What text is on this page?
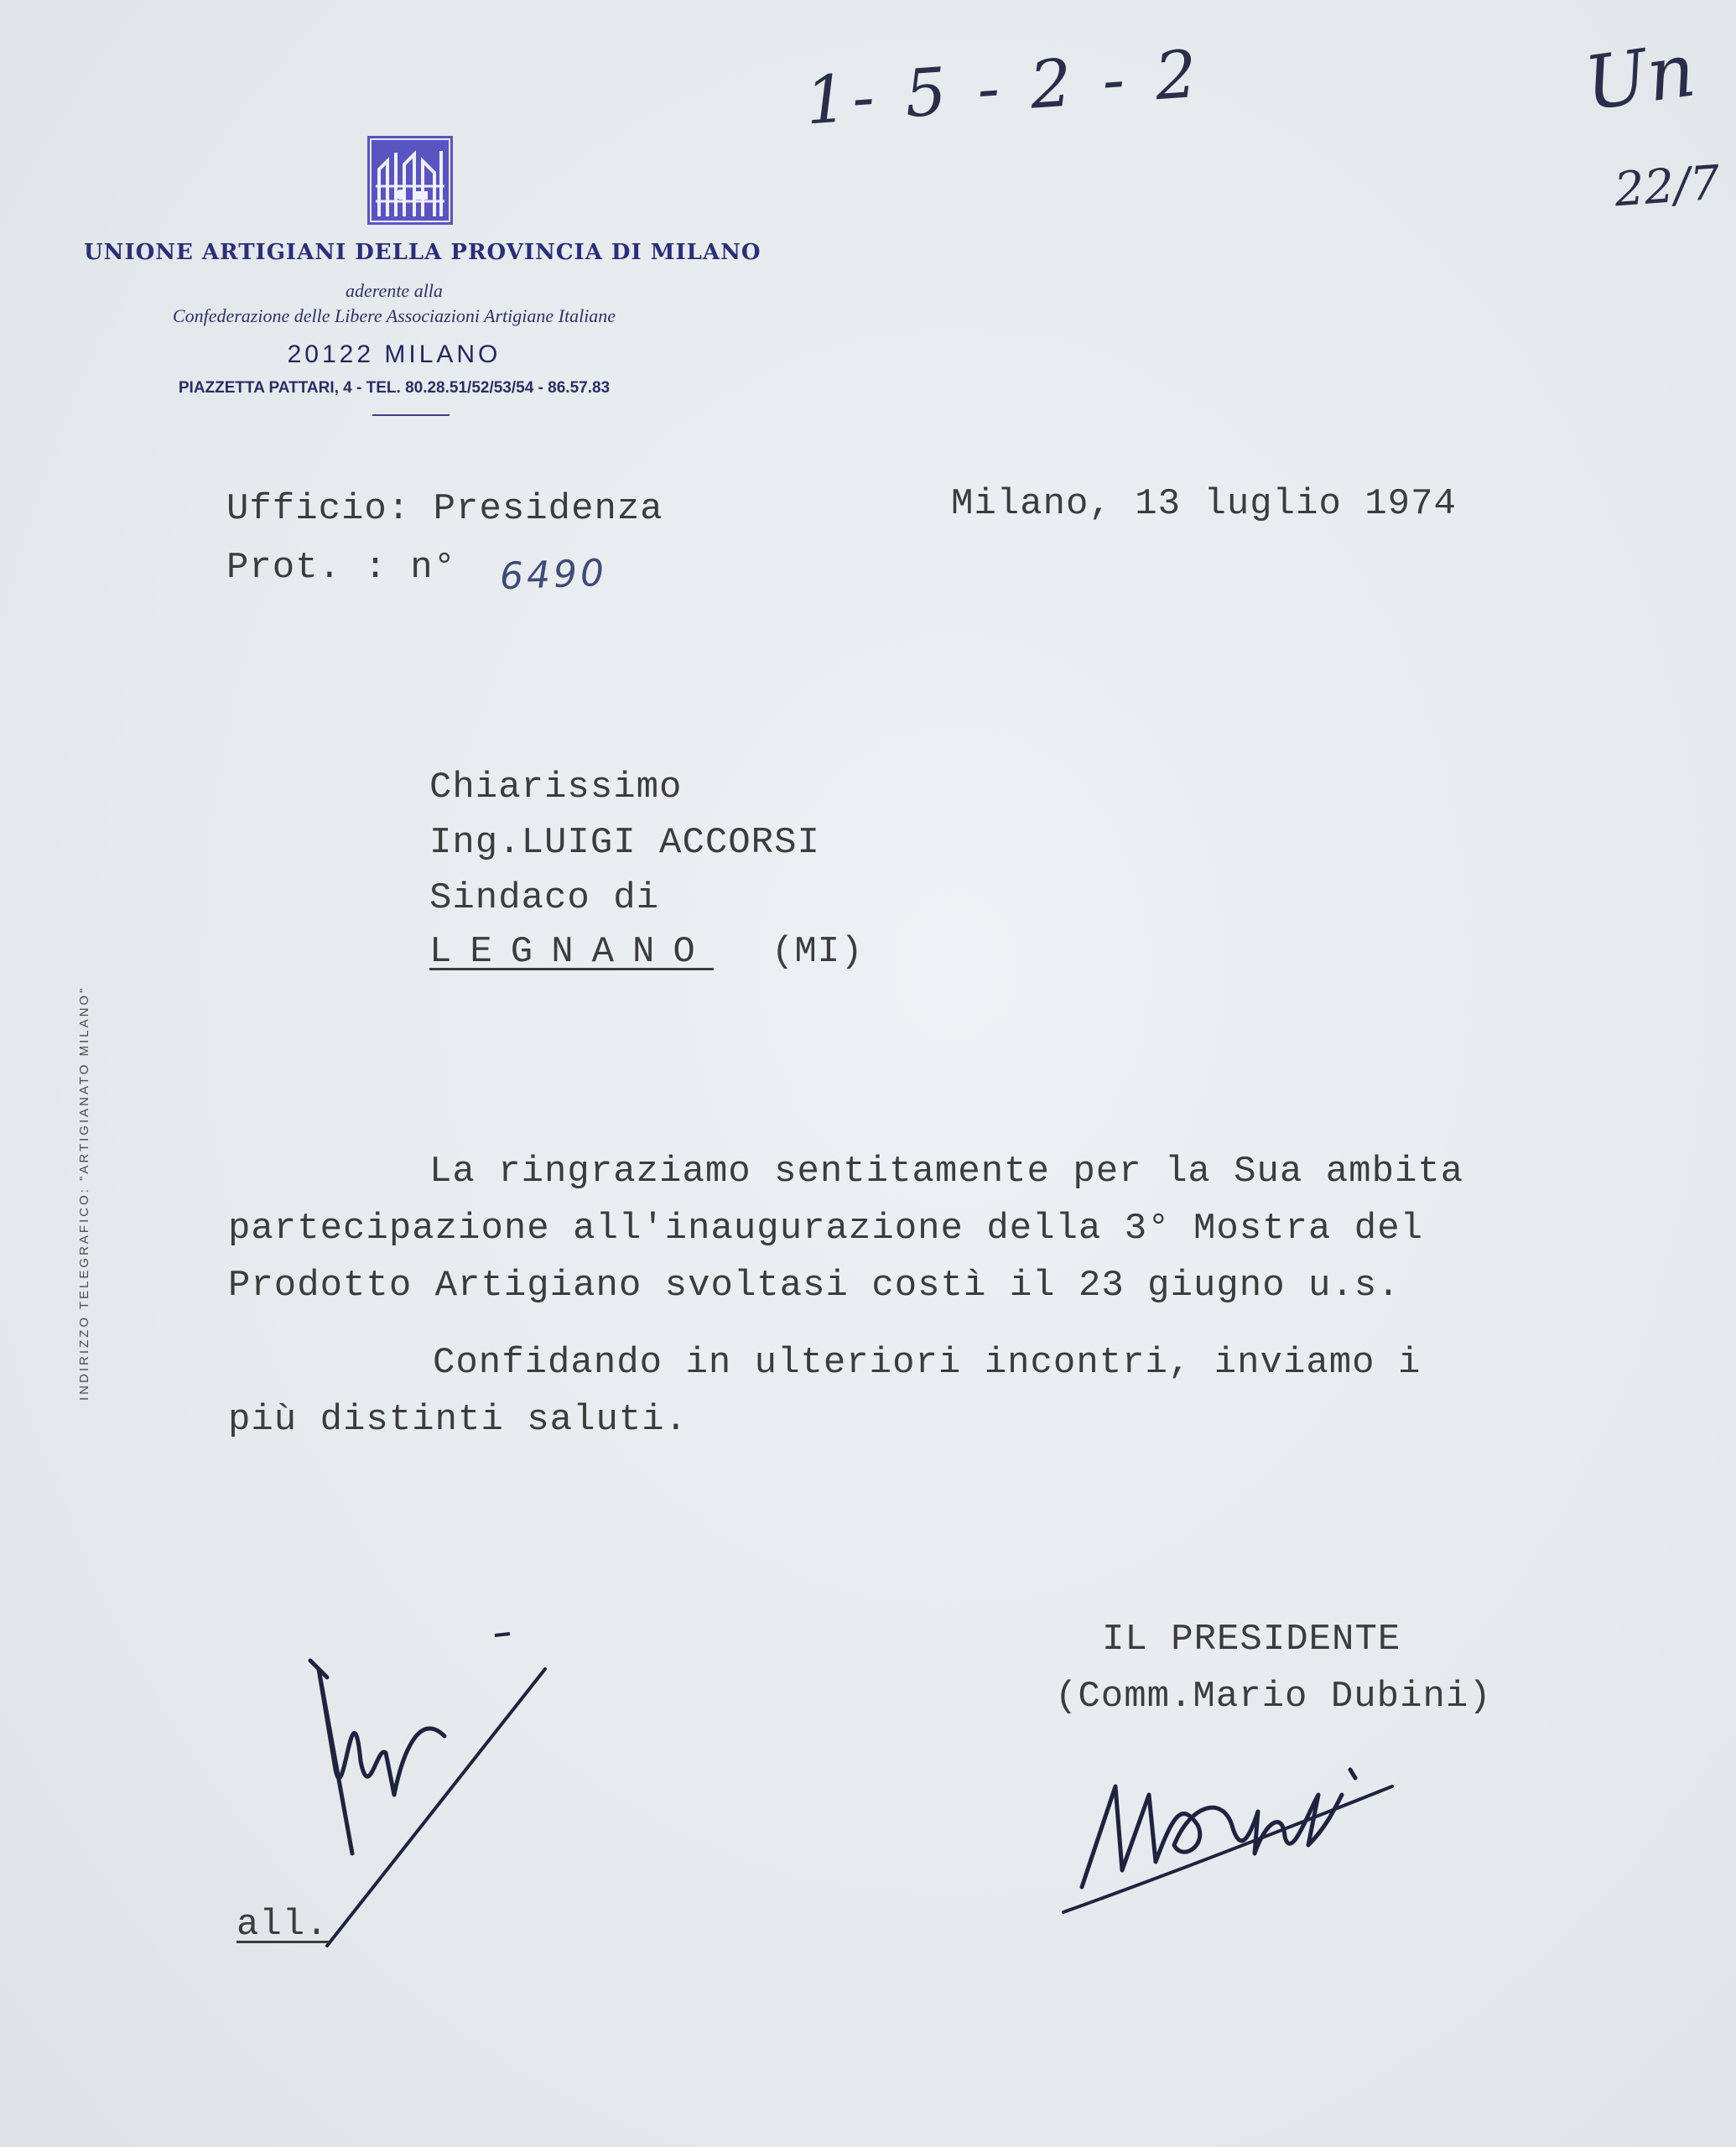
1- 5 - 2 - 2	Un
22/7
UNIONE ARTIGIANI DELLA PROVINCIA DI MILANO
aderente alla
Confederazione delle Libere Associazioni Artigiane Italiane
20122 MILANO
PIAZZETTA PATTARI, 4 - TEL. 80.28.51/52/53/54 - 86.57.83
INDIRIZZO TELEGRAFICO: "ARTIGIANATO MILANO"
Ufficio: Presidenza
Prot. : n° 6490
Milano, 13 luglio 1974
Chiarissimo
Ing.LUIGI ACCORSI
Sindaco di
LEGNANO (MI)
La ringraziamo sentitamente per la Sua ambita
partecipazione all'inaugurazione della 3° Mostra del
Prodotto Artigiano svoltasi costì il 23 giugno u.s.
Confidando in ulteriori incontri, inviamo i
più distinti saluti.
IL PRESIDENTE
(Comm.Mario Dubini)
all.
